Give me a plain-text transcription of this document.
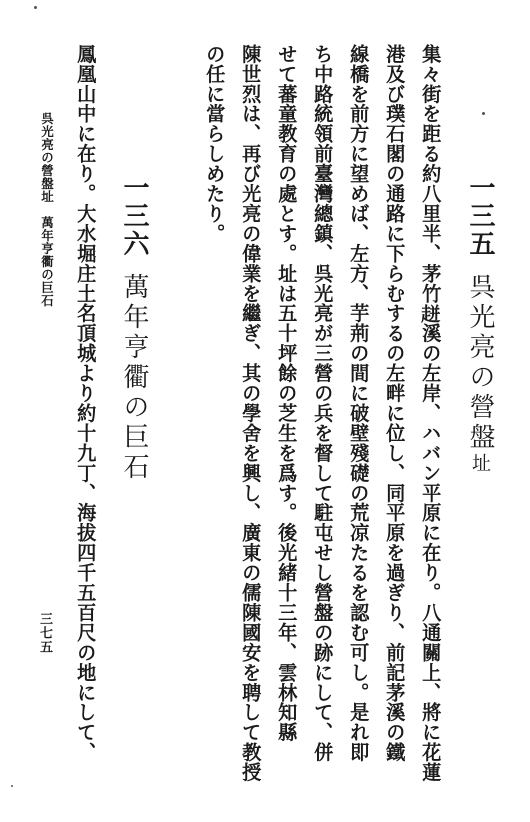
一三五
呉光亮の營盤址
集々街を距る約八里半、茅竹𧻓溪の左岸、ハバン平原に在り。八通關上、將に花蓮
港及び璞石閣の通路に下らむするの左畔に位し、同平原を過ぎり、前記茅溪の鐵
線橋を前方に望めば、左方、芋荊の間に破壁殘礎の荒凉たるを認む可し。是れ即
ち中路統領前臺灣總鎮、呉光亮が三營の兵を督して駐屯せし營盤の跡にして、併
せて蕃童教育の處とす。址は五十坪餘の芝生を爲す。後光緒十三年、雲林知縣
陳世烈は、再び光亮の偉業を繼ぎ、其の學舍を興し、廣東の儒陳國安を聘して教授
の任に當らしめたり。
一三六
萬年亨衢の巨石
鳳凰山中に在り。大水堀庄土名頂城より約十九丁、海拔四千五百尺の地にして、
呉光亮の營盤址　萬年亨衢の巨石
三七五
